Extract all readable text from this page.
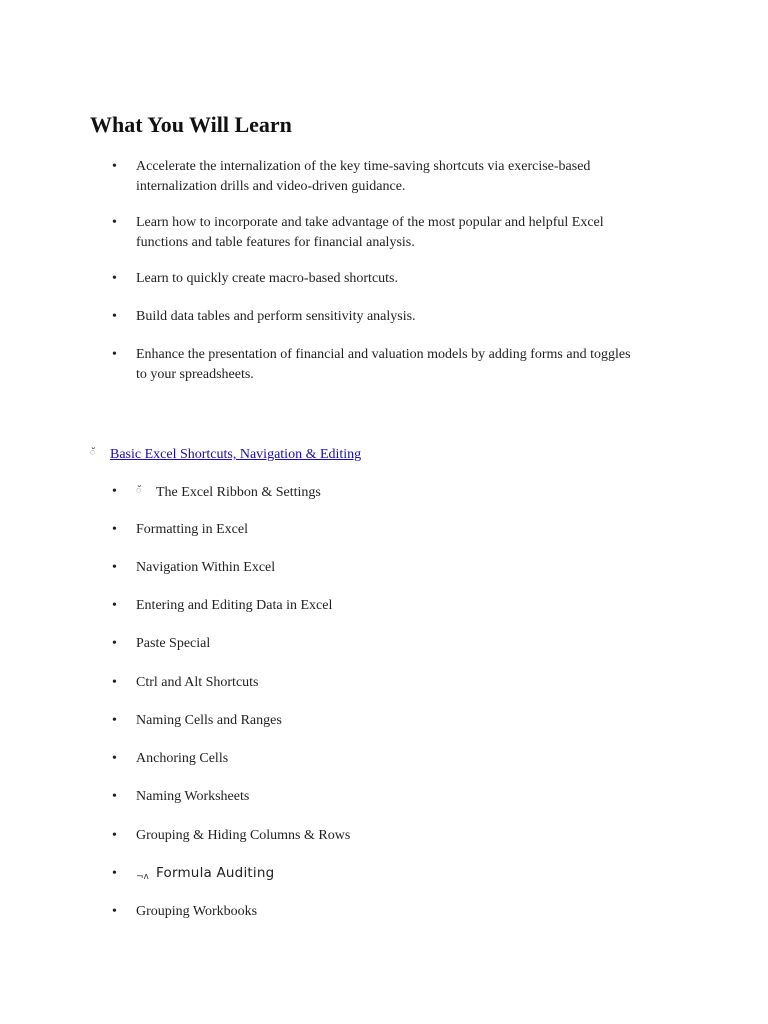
What You Will Learn
•	Accelerate the internalization of the key time-saving shortcuts via exercise-based
internalization drills and video-driven guidance.
•	Learn how to incorporate and take advantage of the most popular and helpful Excel
functions and table features for financial analysis.
•	Learn to quickly create macro-based shortcuts.
•	Build data tables and perform sensitivity analysis.
•	Enhance the presentation of financial and valuation models by adding forms and toggles
to your spreadsheets.
ॅ Basic Excel Shortcuts, Navigation & Editing
•	ॅ The Excel Ribbon & Settings
•	Formatting in Excel
•	Navigation Within Excel
•	Entering and Editing Data in Excel
•	Paste Special
•	Ctrl and Alt Shortcuts
•	Naming Cells and Ranges
•	Anchoring Cells
•	Naming Worksheets
•	Grouping & Hiding Columns & Rows
•	¬ʌ Formula Auditing
•	Grouping Workbooks
